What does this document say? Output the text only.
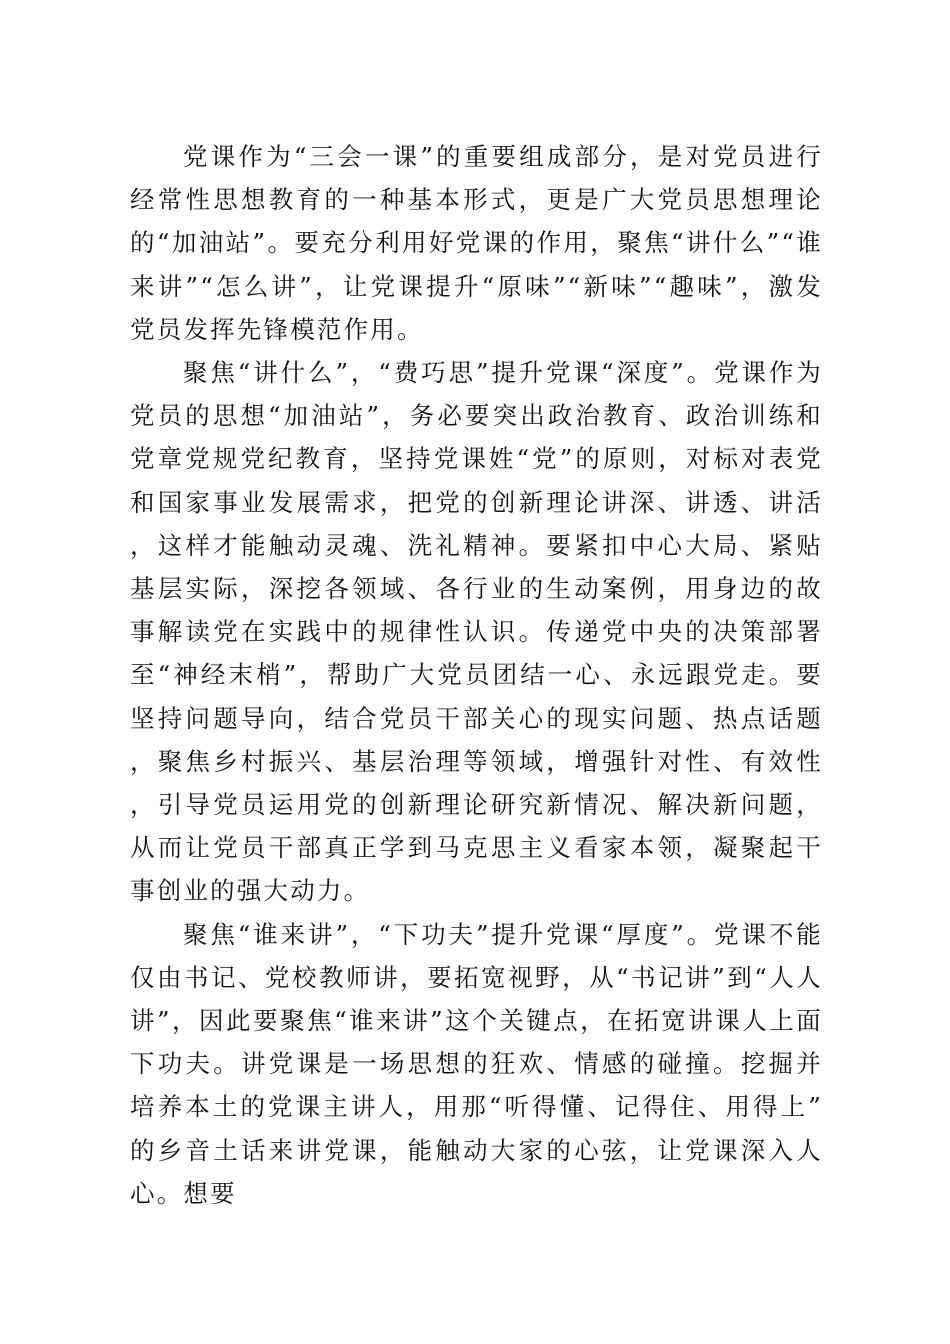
党课作为“三会一课”的重要组成部分，是对党员进行经常性思想教育的一种基本形式，更是广大党员思想理论的“加油站”。要充分利用好党课的作用，聚焦“讲什么”“谁来讲”“怎么讲”，让党课提升“原味”“新味”“趣味”，激发党员发挥先锋模范作用。

聚焦“讲什么”，“费巧思”提升党课“深度”。党课作为党员的思想“加油站”，务必要突出政治教育、政治训练和党章党规党纪教育，坚持党课姓“党”的原则，对标对表党和国家事业发展需求，把党的创新理论讲深、讲透、讲活，这样才能触动灵魂、洗礼精神。要紧扣中心大局、紧贴基层实际，深挖各领域、各行业的生动案例，用身边的故事解读党在实践中的规律性认识。传递党中央的决策部署至“神经末梢”，帮助广大党员团结一心、永远跟党走。要坚持问题导向，结合党员干部关心的现实问题、热点话题，聚焦乡村振兴、基层治理等领域，增强针对性、有效性，引导党员运用党的创新理论研究新情况、解决新问题，从而让党员干部真正学到马克思主义看家本领，凝聚起干事创业的强大动力。

聚焦“谁来讲”，“下功夫”提升党课“厚度”。党课不能仅由书记、党校教师讲，要拓宽视野，从“书记讲”到“人人讲”，因此要聚焦“谁来讲”这个关键点，在拓宽讲课人上面下功夫。讲党课是一场思想的狂欢、情感的碰撞。挖掘并培养本土的党课主讲人，用那“听得懂、记得住、用得上”的乡音土话来讲党课，能触动大家的心弦，让党课深入人心。想要
